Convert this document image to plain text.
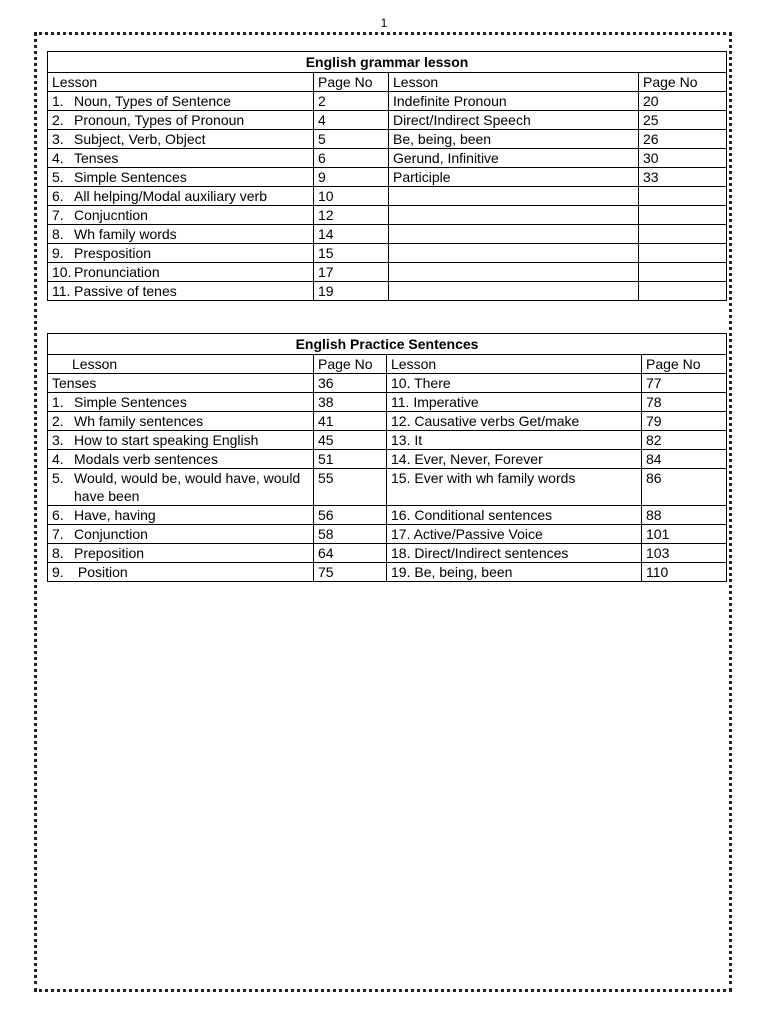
1
English grammar lesson			
Lesson	Page No	Lesson	Page No
1. Noun, Types of Sentence	2	Indefinite Pronoun	20
2. Pronoun, Types of Pronoun	4	Direct/Indirect Speech	25
3. Subject, Verb, Object	5	Be, being, been	26
4. Tenses	6	Gerund, Infinitive	30
5. Simple Sentences	9	Participle	33
6. All helping/Modal auxiliary verb	10		
7. Conjucntion	12		
8. Wh family words	14		
9. Presposition	15		
10. Pronunciation	17		
11. Passive of tenes	19		
English Practice Sentences			
Lesson	Page No	Lesson	Page No
Tenses	36	10. There	77
1. Simple Sentences	38	11. Imperative	78
2. Wh family sentences	41	12. Causative verbs Get/make	79
3. How to start speaking English	45	13. It	82
4. Modals verb sentences	51	14. Ever, Never, Forever	84
5. Would, would be, would have, would have been	55	15. Ever with wh family words	86
6. Have, having	56	16. Conditional sentences	88
7. Conjunction	58	17. Active/Passive Voice	101
8. Preposition	64	18. Direct/Indirect sentences	103
9. Position	75	19. Be, being, been	110
